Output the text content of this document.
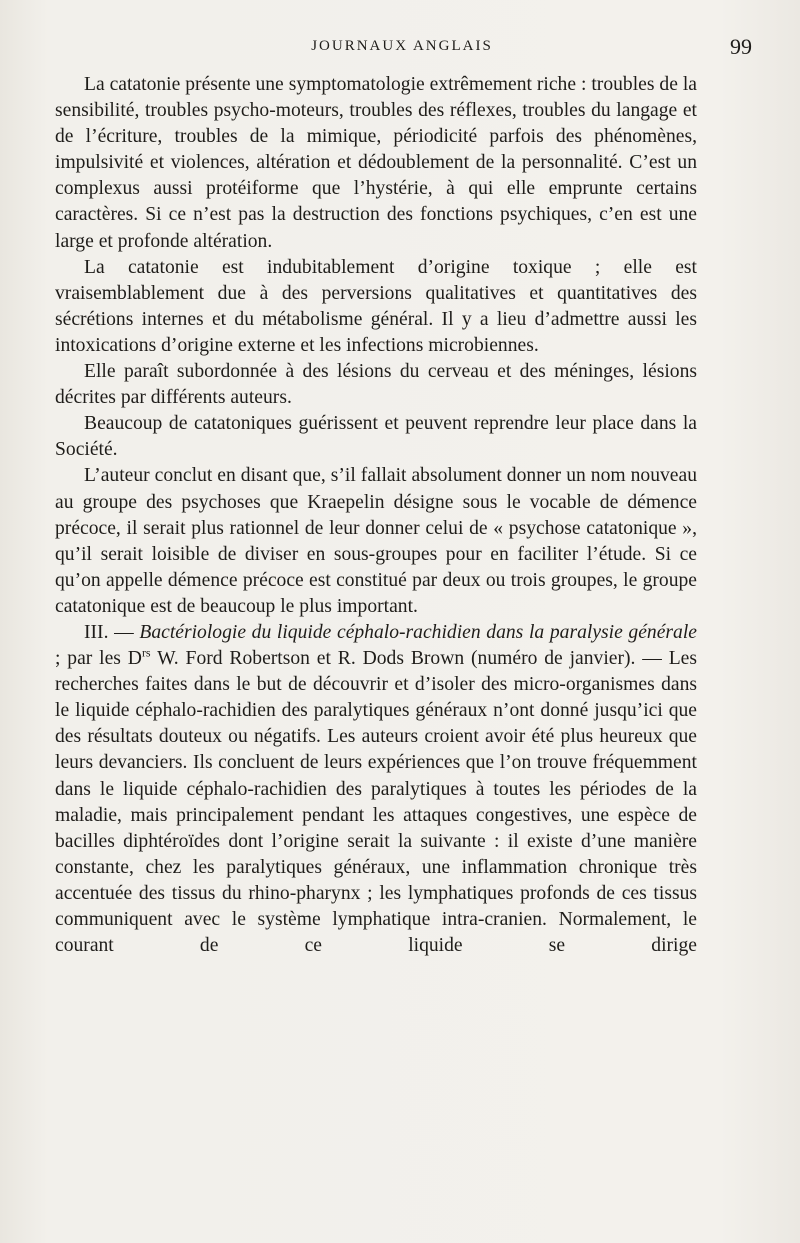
JOURNAUX ANGLAIS	99

La catatonie présente une symptomatologie extrêmement riche : troubles de la sensibilité, troubles psycho-moteurs, troubles des réflexes, troubles du langage et de l’écriture, troubles de la mimique, périodicité parfois des phénomènes, impulsivité et violences, altération et dédoublement de la personnalité. C’est un complexus aussi protéiforme que l’hystérie, à qui elle emprunte certains caractères. Si ce n’est pas la destruction des fonctions psychiques, c’en est une large et profonde altération.

La catatonie est indubitablement d’origine toxique ; elle est vraisemblablement due à des perversions qualitatives et quantitatives des sécrétions internes et du métabolisme général. Il y a lieu d’admettre aussi les intoxications d’origine externe et les infections microbiennes.

Elle paraît subordonnée à des lésions du cerveau et des méninges, lésions décrites par différents auteurs.

Beaucoup de catatoniques guérissent et peuvent reprendre leur place dans la Société.

L’auteur conclut en disant que, s’il fallait absolument donner un nom nouveau au groupe des psychoses que Kraepelin désigne sous le vocable de démence précoce, il serait plus rationnel de leur donner celui de « psychose catatonique », qu’il serait loisible de diviser en sous-groupes pour en faciliter l’étude. Si ce qu’on appelle démence précoce est constitué par deux ou trois groupes, le groupe catatonique est de beaucoup le plus important.

III. — Bactériologie du liquide céphalo-rachidien dans la paralysie générale ; par les $D^{rs}$ W. Ford Robertson et R. Dods Brown (numéro de janvier). — Les recherches faites dans le but de découvrir et d’isoler des micro-organismes dans le liquide céphalo-rachidien des paralytiques généraux n’ont donné jusqu’ici que des résultats douteux ou négatifs. Les auteurs croient avoir été plus heureux que leurs devanciers. Ils concluent de leurs expériences que l’on trouve fréquemment dans le liquide céphalo-rachidien des paralytiques à toutes les périodes de la maladie, mais principalement pendant les attaques congestives, une espèce de bacilles diphtéroïdes dont l’origine serait la suivante : il existe d’une manière constante, chez les paralytiques généraux, une inflammation chronique très accentuée des tissus du rhino-pharynx ; les lymphatiques profonds de ces tissus communiquent avec le système lymphatique intra-cranien. Normalement, le courant de ce liquide se dirige
